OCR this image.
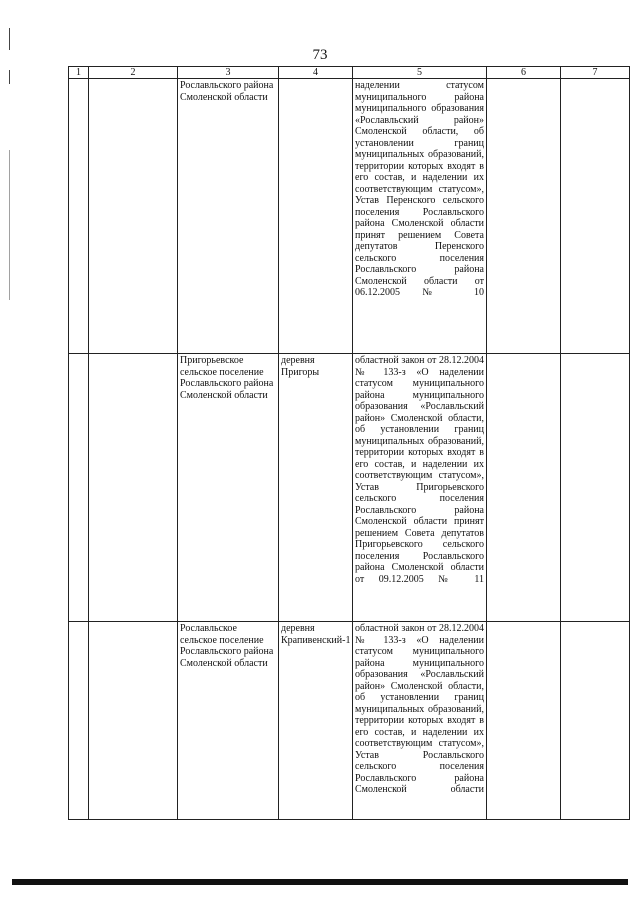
73
1	2	3	4	5	6	7
		Рославльского района Смоленской области		наделении статусом муниципального района муниципального образования «Рославльский район» Смоленской области, об установлении границ муниципальных образований, территории которых входят в его состав, и наделении их соответствующим статусом», Устав Перенского сельского поселения Рославльского района Смоленской области принят решением Совета депутатов Перенского сельского поселения Рославльского района Смоленской области от 06.12.2005 № 10		
		Пригорьевское сельское поселение Рославльского района Смоленской области	деревня Пригоры	областной закон от 28.12.2004 № 133-з «О наделении статусом муниципального района муниципального образования «Рославльский район» Смоленской области, об установлении границ муниципальных образований, территории которых входят в его состав, и наделении их соответствующим статусом», Устав Пригорьевского сельского поселения Рославльского района Смоленской области принят решением Совета депутатов Пригорьевского сельского поселения Рославльского района Смоленской области от 09.12.2005 № 11		
		Рославльское сельское поселение Рославльского района Смоленской области	деревня Крапивенский-1	областной закон от 28.12.2004 № 133-з «О наделении статусом муниципального района муниципального образования «Рославльский район» Смоленской области, об установлении границ муниципальных образований, территории которых входят в его состав, и наделении их соответствующим статусом», Устав Рославльского сельского поселения Рославльского района Смоленской области		
